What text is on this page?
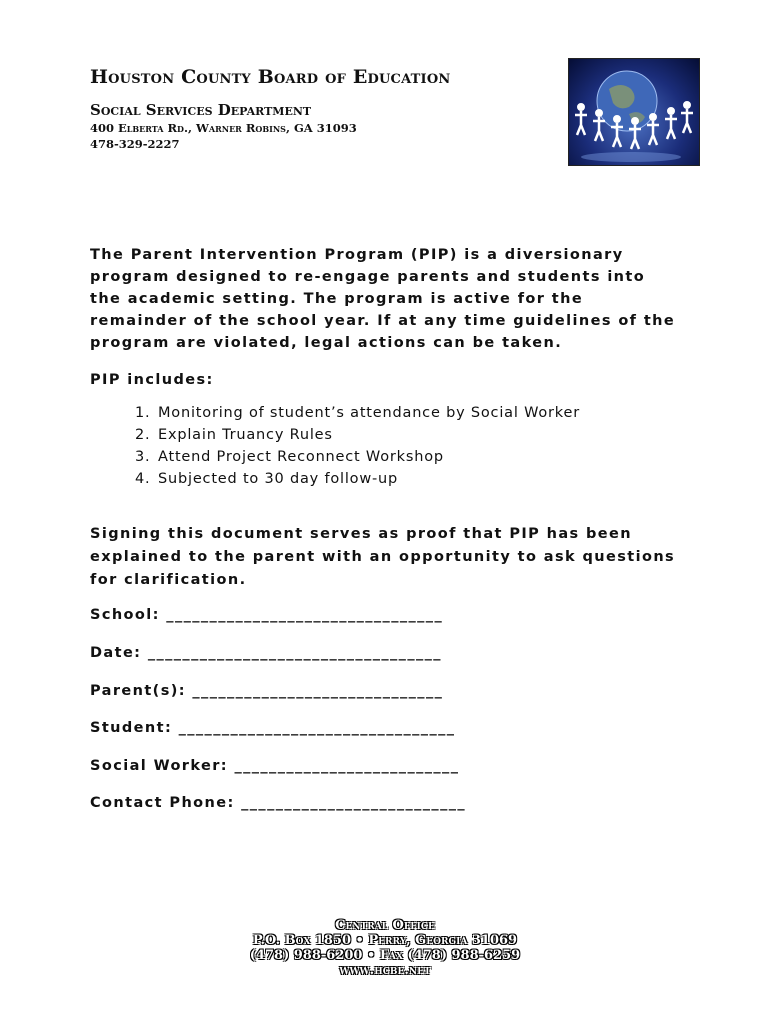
Houston County Board of Education
Social Services Department

400 Elberta Rd., Warner Robins, GA 31093

478-329-2227

The Parent Intervention Program (PIP) is a diversionary program designed to re-engage parents and students into the academic setting. The program is active for the remainder of the school year. If at any time guidelines of the program are violated, legal actions can be taken.

PIP includes:

1. Monitoring of student’s attendance by Social Worker
2. Explain Truancy Rules
3. Attend Project Reconnect Workshop
4. Subjected to 30 day follow-up

Signing this document serves as proof that PIP has been explained to the parent with an opportunity to ask questions for clarification.

School: ________________________________
Date: __________________________________
Parent(s): _____________________________
Student: ________________________________
Social Worker: __________________________
Contact Phone: __________________________
Central Office
P.O. Box 1850 • Perry, Georgia 31069
(478) 988-6200 • Fax (478) 988-6259
www.hcbe.net
